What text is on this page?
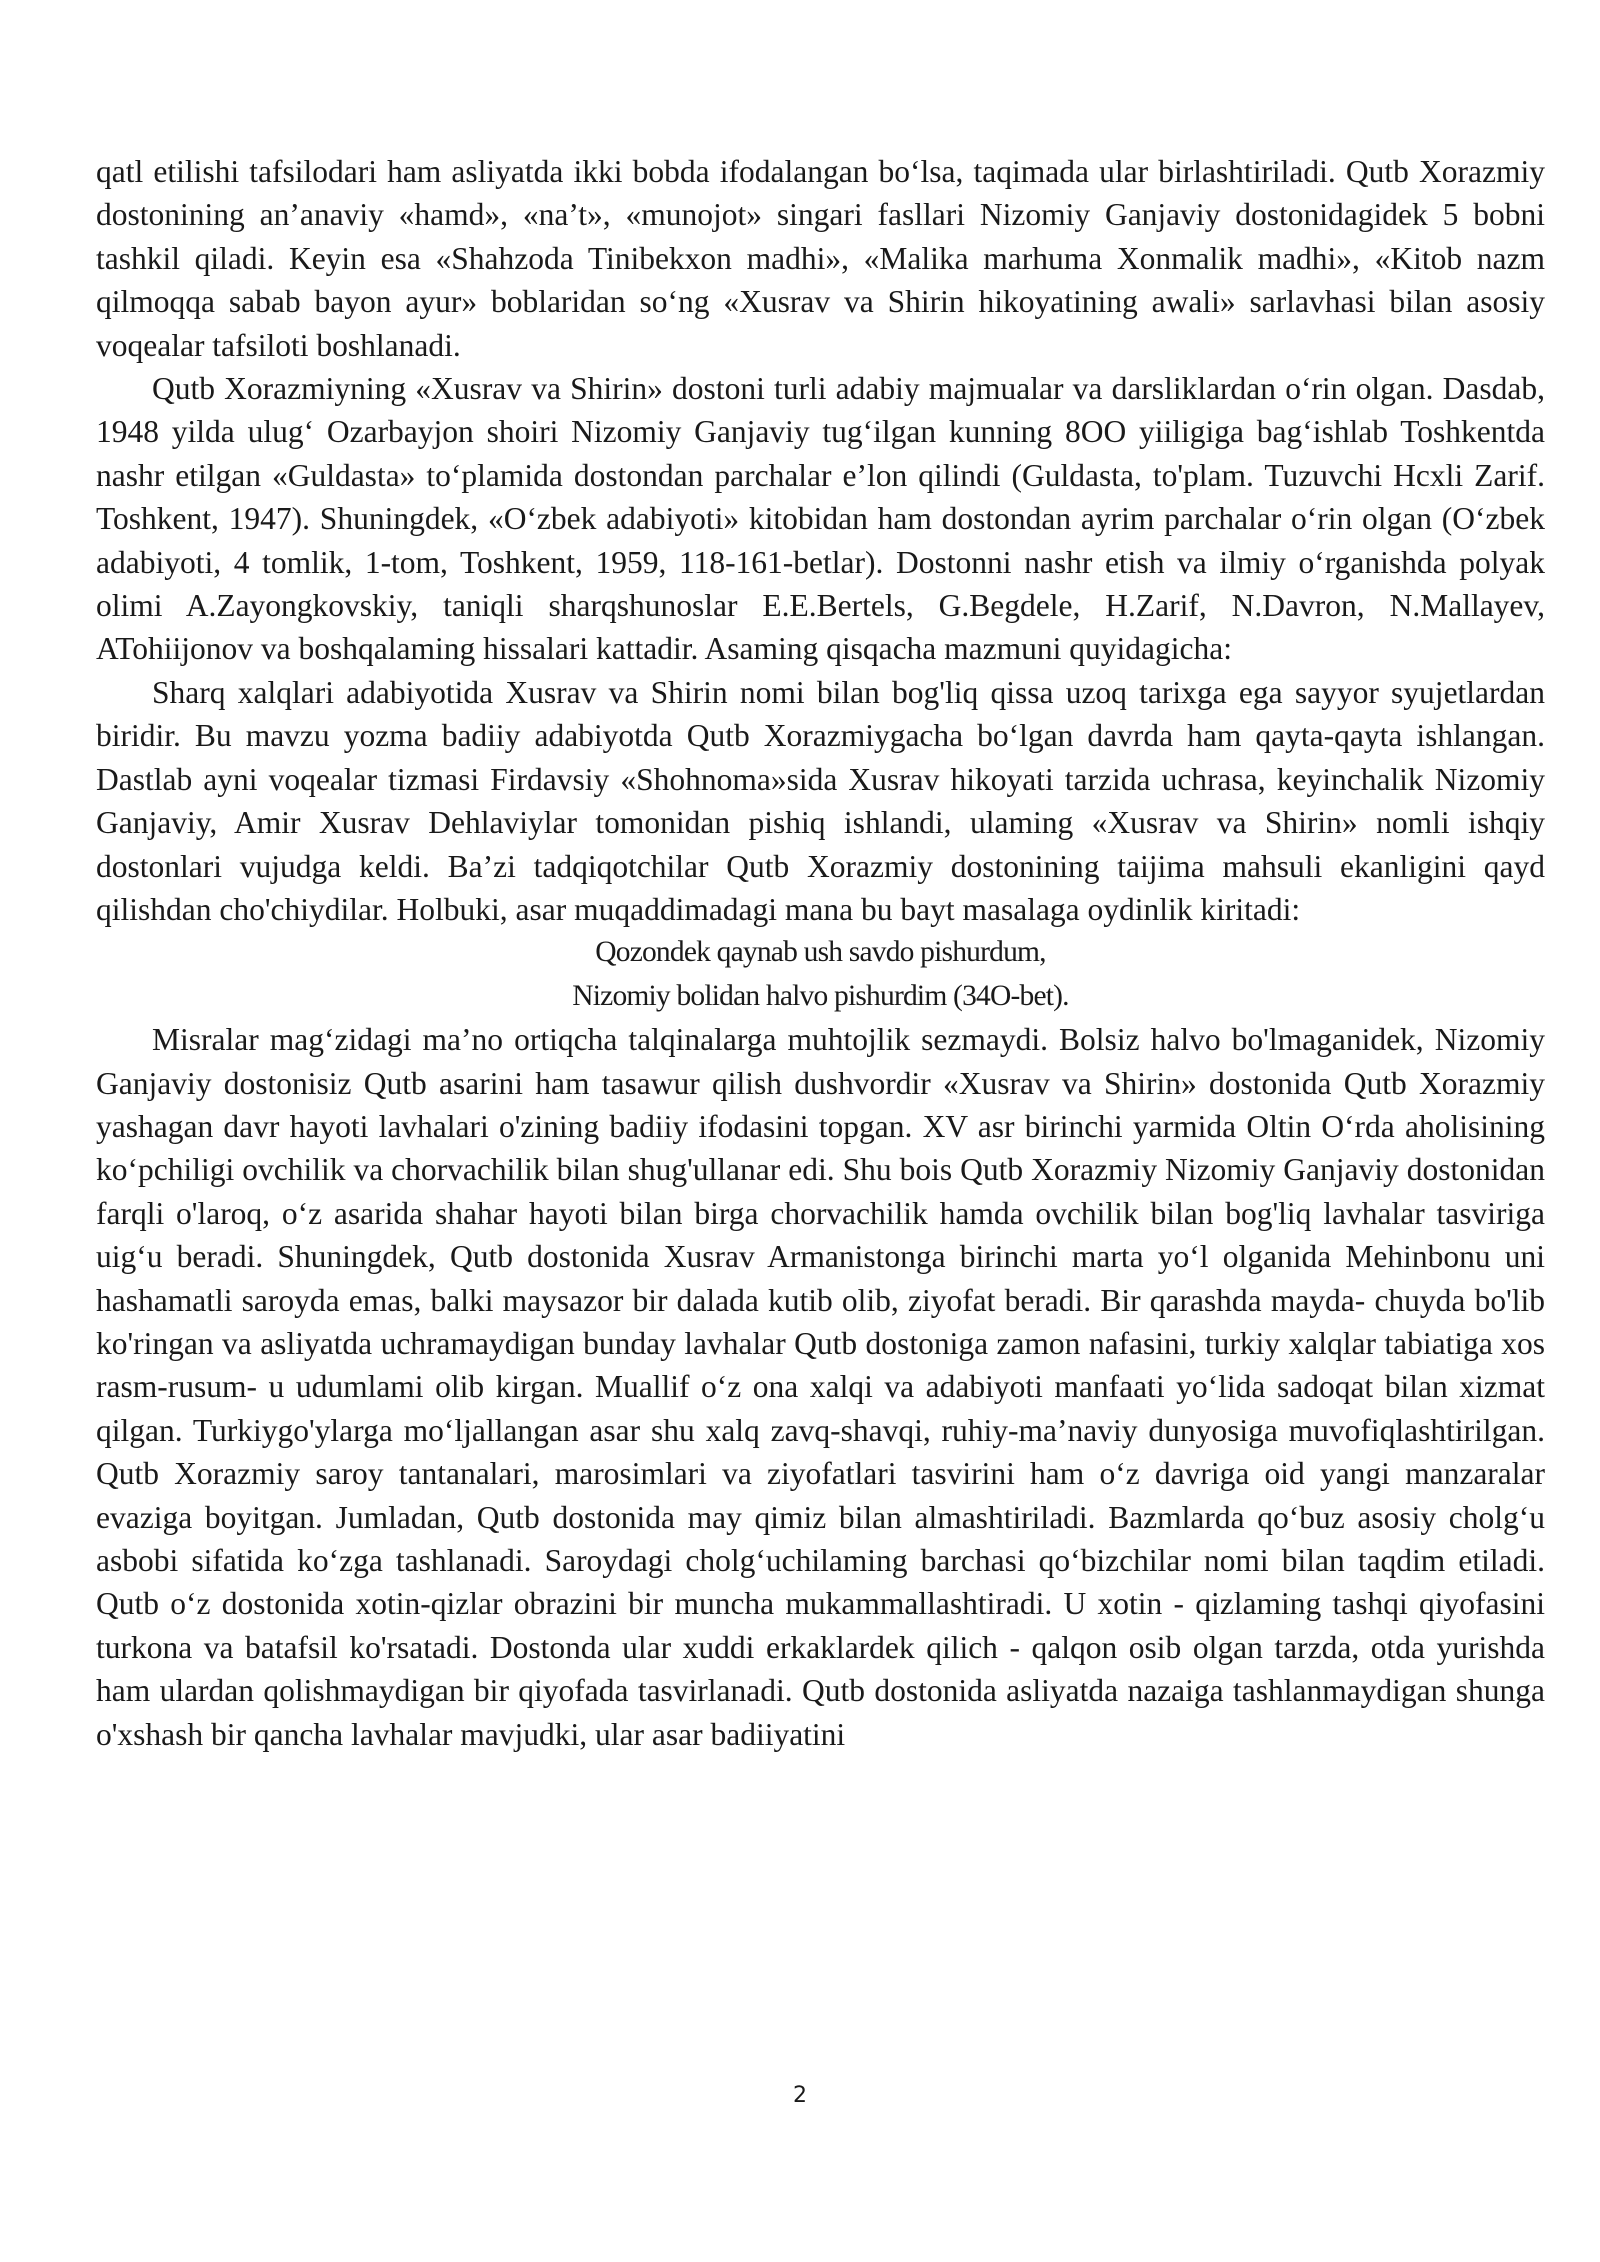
qatl etilishi tafsilodari ham asliyatda ikki bobda ifodalangan bo‘lsa, taqimada ular birlashtiriladi. Qutb Xorazmiy dostonining an’anaviy «hamd», «na’t», «munojot» singari fasllari Nizomiy Ganjaviy dostonidagidek 5 bobni tashkil qiladi. Keyin esa «Shahzoda Tinibekxon madhi», «Malika marhuma Xonmalik madhi», «Kitob nazm qilmoqqa sabab bayon ayur» boblaridan so‘ng «Xusrav va Shirin hikoyatining awali» sarlavhasi bilan asosiy voqealar tafsiloti boshlanadi.

Qutb Xorazmiyning «Xusrav va Shirin» dostoni turli adabiy majmualar va darsliklardan o‘rin olgan. Dasdab, 1948 yilda ulug‘ Ozarbayjon shoiri Nizomiy Ganjaviy tug‘ilgan kunning 8OO yiiligiga bag‘ishlab Toshkentda nashr etilgan «Guldasta» to‘plamida dostondan parchalar e’lon qilindi (Guldasta, to'plam. Tuzuvchi Hcxli Zarif. Toshkent, 1947). Shuningdek, «O‘zbek adabiyoti» kitobidan ham dostondan ayrim parchalar o‘rin olgan (O‘zbek adabiyoti, 4 tomlik, 1-tom, Toshkent, 1959, 118-161-betlar). Dostonni nashr etish va ilmiy o‘rganishda polyak olimi A.Zayongkovskiy, taniqli sharqshunoslar E.E.Bertels, G.Begdele, H.Zarif, N.Davron, N.Mallayev, ATohiijonov va boshqalaming hissalari kattadir. Asaming qisqacha mazmuni quyidagicha:

Sharq xalqlari adabiyotida Xusrav va Shirin nomi bilan bog'liq qissa uzoq tarixga ega sayyor syujetlardan biridir. Bu mavzu yozma badiiy adabiyotda Qutb Xorazmiygacha bo‘lgan davrda ham qayta-qayta ishlangan. Dastlab ayni voqealar tizmasi Firdavsiy «Shohnoma»sida Xusrav hikoyati tarzida uchrasa, keyinchalik Nizomiy Ganjaviy, Amir Xusrav Dehlaviylar tomonidan pishiq ishlandi, ulaming «Xusrav va Shirin» nomli ishqiy dostonlari vujudga keldi. Ba’zi tadqiqotchilar Qutb Xorazmiy dostonining taijima mahsuli ekanligini qayd qilishdan cho'chiydilar. Holbuki, asar muqaddimadagi mana bu bayt masalaga oydinlik kiritadi:

Qozondek qaynab ush savdo pishurdum,

Nizomiy bolidan halvo pishurdim (34O-bet).

Misralar mag‘zidagi ma’no ortiqcha talqinalarga muhtojlik sezmaydi. Bolsiz halvo bo'lmaganidek, Nizomiy Ganjaviy dostonisiz Qutb asarini ham tasawur qilish dushvordir «Xusrav va Shirin» dostonida Qutb Xorazmiy yashagan davr hayoti lavhalari o'zining badiiy ifodasini topgan. XV asr birinchi yarmida Oltin O‘rda aholisining ko‘pchiligi ovchilik va chorvachilik bilan shug'ullanar edi. Shu bois Qutb Xorazmiy Nizomiy Ganjaviy dostonidan farqli o'laroq, o‘z asarida shahar hayoti bilan birga chorvachilik hamda ovchilik bilan bog'liq lavhalar tasviriga uig‘u beradi. Shuningdek, Qutb dostonida Xusrav Armanistonga birinchi marta yo‘l olganida Mehinbonu uni hashamatli saroyda emas, balki maysazor bir dalada kutib olib, ziyofat beradi. Bir qarashda mayda- chuyda bo'lib ko'ringan va asliyatda uchramaydigan bunday lavhalar Qutb dostoniga zamon nafasini, turkiy xalqlar tabiatiga xos rasm-rusum- u udumlami olib kirgan. Muallif o‘z ona xalqi va adabiyoti manfaati yo‘lida sadoqat bilan xizmat qilgan. Turkiygo'ylarga mo‘ljallangan asar shu xalq zavq-shavqi, ruhiy-ma’naviy dunyosiga muvofiqlashtirilgan. Qutb Xorazmiy saroy tantanalari, marosimlari va ziyofatlari tasvirini ham o‘z davriga oid yangi manzaralar evaziga boyitgan. Jumladan, Qutb dostonida may qimiz bilan almashtiriladi. Bazmlarda qo‘buz asosiy cholg‘u asbobi sifatida ko‘zga tashlanadi. Saroydagi cholg‘uchilaming barchasi qo‘bizchilar nomi bilan taqdim etiladi. Qutb o‘z dostonida xotin-qizlar obrazini bir muncha mukammallashtiradi. U xotin - qizlaming tashqi qiyofasini turkona va batafsil ko'rsatadi. Dostonda ular xuddi erkaklardek qilich - qalqon osib olgan tarzda, otda yurishda ham ulardan qolishmaydigan bir qiyofada tasvirlanadi. Qutb dostonida asliyatda nazaiga tashlanmaydigan shunga o'xshash bir qancha lavhalar mavjudki, ular asar badiiyatini

2
